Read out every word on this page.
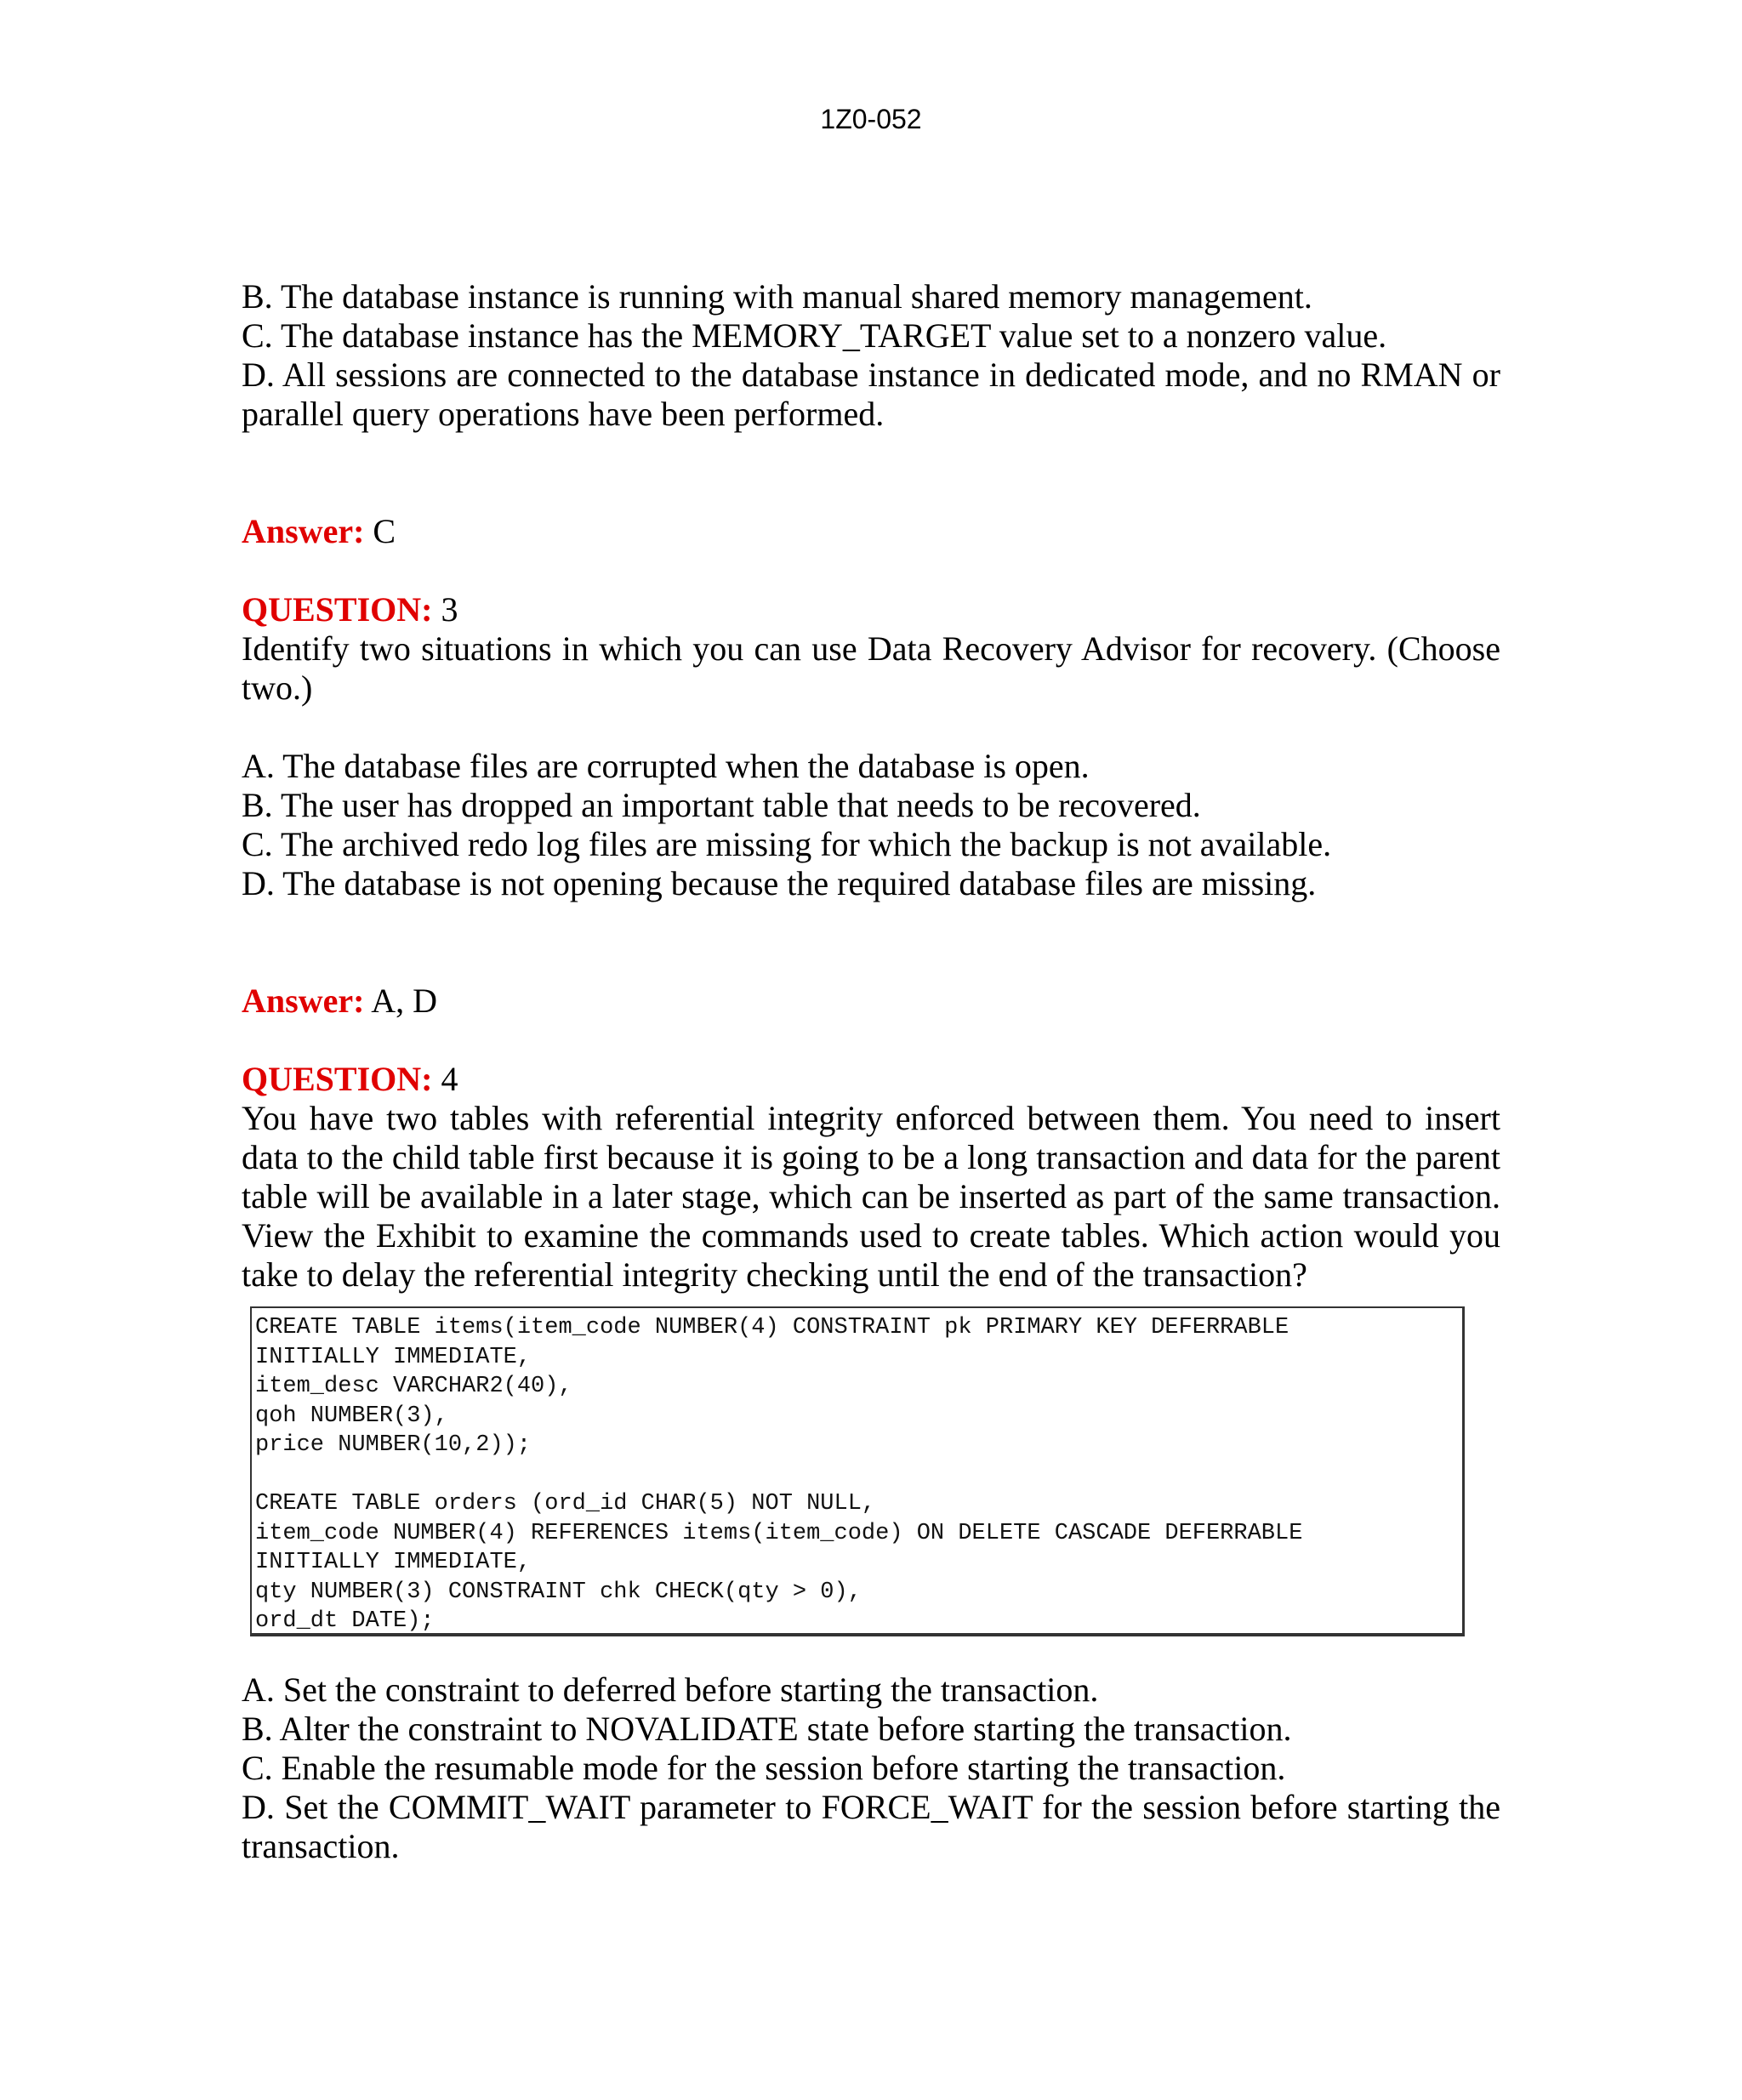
1Z0-052
B. The database instance is running with manual shared memory management.
C. The database instance has the MEMORY_TARGET value set to a nonzero value.
D. All sessions are connected to the database instance in dedicated mode, and no RMAN or
parallel query operations have been performed.
Answer: C
QUESTION: 3
Identify two situations in which you can use Data Recovery Advisor for recovery. (Choose
two.)
A. The database files are corrupted when the database is open.
B. The user has dropped an important table that needs to be recovered.
C. The archived redo log files are missing for which the backup is not available.
D. The database is not opening because the required database files are missing.
Answer: A, D
QUESTION: 4
You have two tables with referential integrity enforced between them. You need to insert data to the child table first because it is going to be a long transaction and data for the parent table will be available in a later stage, which can be inserted as part of the same transaction. View the Exhibit to examine the commands used to create tables. Which action would you take to delay the referential integrity checking until the end of the transaction?
CREATE TABLE items(item_code NUMBER(4) CONSTRAINT pk PRIMARY KEY DEFERRABLE
INITIALLY IMMEDIATE,
item_desc VARCHAR2(40),
qoh NUMBER(3),
price NUMBER(10,2));
CREATE TABLE orders (ord_id CHAR(5) NOT NULL,
item_code NUMBER(4) REFERENCES items(item_code) ON DELETE CASCADE DEFERRABLE
INITIALLY IMMEDIATE,
qty NUMBER(3) CONSTRAINT chk CHECK(qty > 0),
ord_dt DATE);
A. Set the constraint to deferred before starting the transaction.
B. Alter the constraint to NOVALIDATE state before starting the transaction.
C. Enable the resumable mode for the session before starting the transaction.
D. Set the COMMIT_WAIT parameter to FORCE_WAIT for the session before starting the transaction.
